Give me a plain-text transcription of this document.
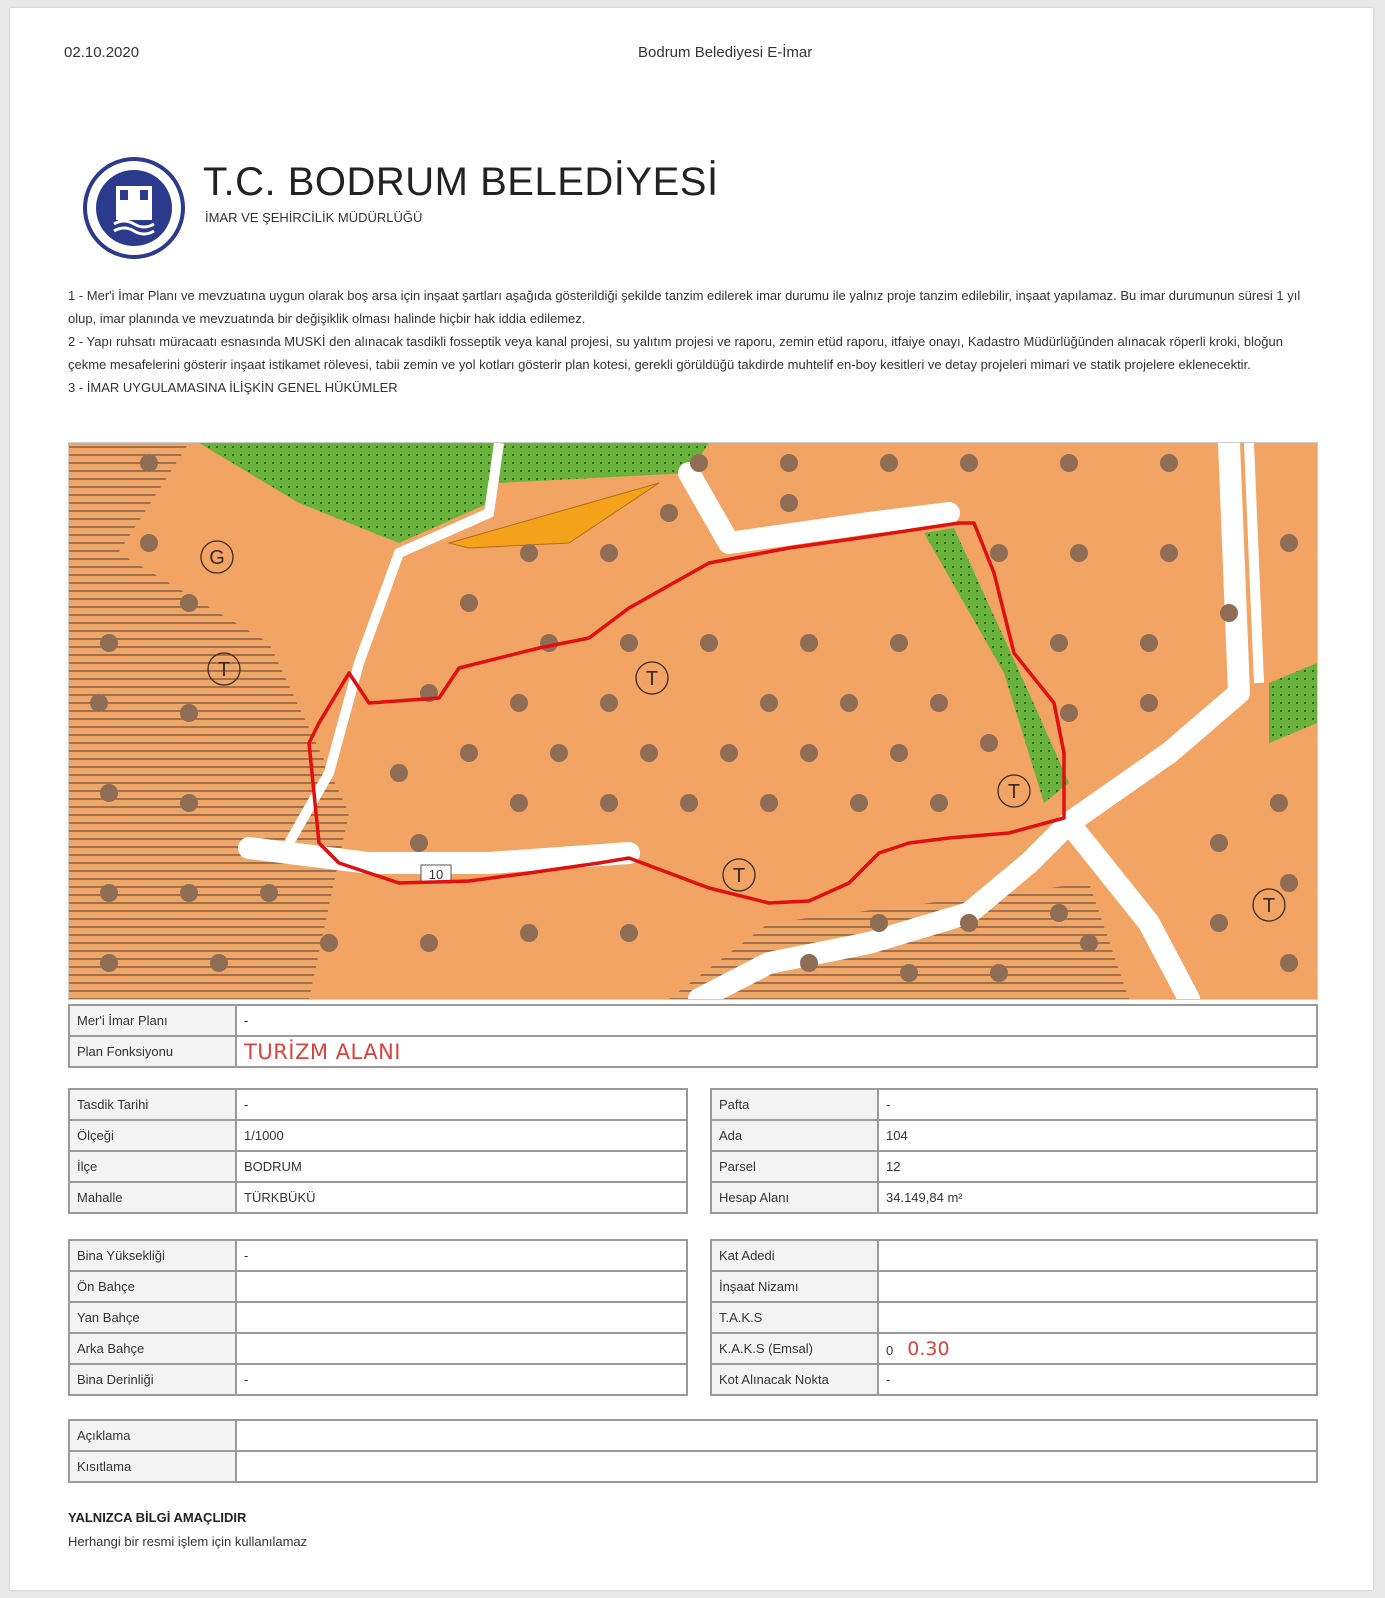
02.10.2020	Bodrum Belediyesi E-İmar
T.C. BODRUM BELEDİYESİ
İMAR VE ŞEHİRCİLİK MÜDÜRLÜĞÜ

1 - Mer'i İmar Planı ve mevzuatına uygun olarak boş arsa için inşaat şartları aşağıda gösterildiği şekilde tanzim edilerek imar durumu ile yalnız proje tanzim edilebilir, inşaat yapılamaz. Bu imar durumunun süresi 1 yıl olup, imar planında ve mevzuatında bir değişiklik olması halinde hiçbir hak iddia edilemez.

2 - Yapı ruhsatı müracaatı esnasında MUSKİ den alınacak tasdikli fosseptik veya kanal projesi, su yalıtım projesi ve raporu, zemin etüd raporu, itfaiye onayı, Kadastro Müdürlüğünden alınacak röperli kroki, bloğun çekme mesafelerini gösterir inşaat istikamet rölevesi, tabii zemin ve yol kotları gösterir plan kotesi, gerekli görüldüğü takdirde muhtelif en-boy kesitleri ve detay projeleri mimari ve statik projelere eklenecektir.

3 - İMAR UYGULAMASINA İLİŞKİN GENEL HÜKÜMLER

T
T
T
T
G
T
10
Mer'i İmar Planı	-
Plan Fonksiyonu	TURİZM ALANI
Tasdik Tarihi	-
Ölçeği	1/1000
İlçe	BODRUM
Mahalle	TÜRKBÜKÜ
Pafta	-
Ada	104
Parsel	12
Hesap Alanı	34.149,84 m²
Bina Yüksekliği	-
Ön Bahçe	
Yan Bahçe	
Arka Bahçe	
Bina Derinliği	-
Kat Adedi	
İnşaat Nizamı	
T.A.K.S	
K.A.K.S (Emsal)	0 0.30
Kot Alınacak Nokta	-
Açıklama	
Kısıtlama	
YALNIZCA BİLGİ AMAÇLIDIR
Herhangi bir resmi işlem için kullanılamaz
